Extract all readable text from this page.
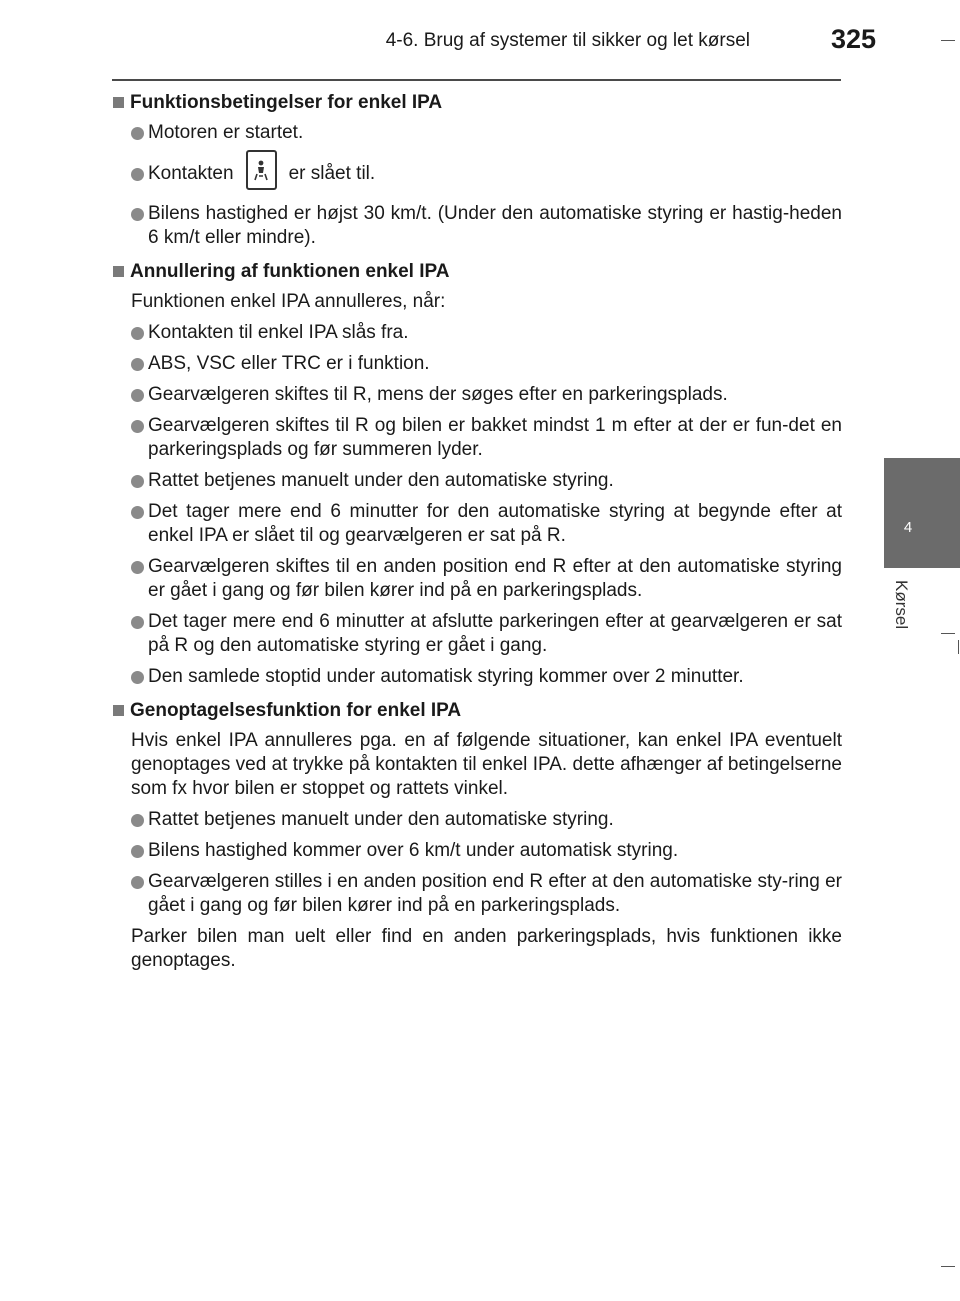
4-6. Brug af systemer til sikker og let kørsel	325
4
Kørsel
Funktionsbetingelser for enkel IPA
Motoren er startet.
Kontakten	er slået til.
Bilens hastighed er højst 30 km/t. (Under den automatiske styring er hastig-heden 6 km/t eller mindre).
Annullering af funktionen enkel IPA
Funktionen enkel IPA annulleres, når:
Kontakten til enkel IPA slås fra.
ABS, VSC eller TRC er i funktion.
Gearvælgeren skiftes til R, mens der søges efter en parkeringsplads.
Gearvælgeren skiftes til R og bilen er bakket mindst 1 m efter at der er fun-det en parkeringsplads og før summeren lyder.
Rattet betjenes manuelt under den automatiske styring.
Det tager mere end 6 minutter for den automatiske styring at begynde efter at enkel IPA er slået til og gearvælgeren er sat på R.
Gearvælgeren skiftes til en anden position end R efter at den automatiske styring er gået i gang og før bilen kører ind på en parkeringsplads.
Det tager mere end 6 minutter at afslutte parkeringen efter at gearvælgeren er sat på R og den automatiske styring er gået i gang.
Den samlede stoptid under automatisk styring kommer over 2 minutter.
Genoptagelsesfunktion for enkel IPA
Hvis enkel IPA annulleres pga. en af følgende situationer, kan enkel IPA eventuelt genoptages ved at trykke på kontakten til enkel IPA. dette afhænger af betingelserne som fx hvor bilen er stoppet og rattets vinkel.
Rattet betjenes manuelt under den automatiske styring.
Bilens hastighed kommer over 6 km/t under automatisk styring.
Gearvælgeren stilles i en anden position end R efter at den automatiske sty-ring er gået i gang og før bilen kører ind på en parkeringsplads.
Parker bilen man uelt eller find en anden parkeringsplads, hvis funktionen ikke genoptages.
